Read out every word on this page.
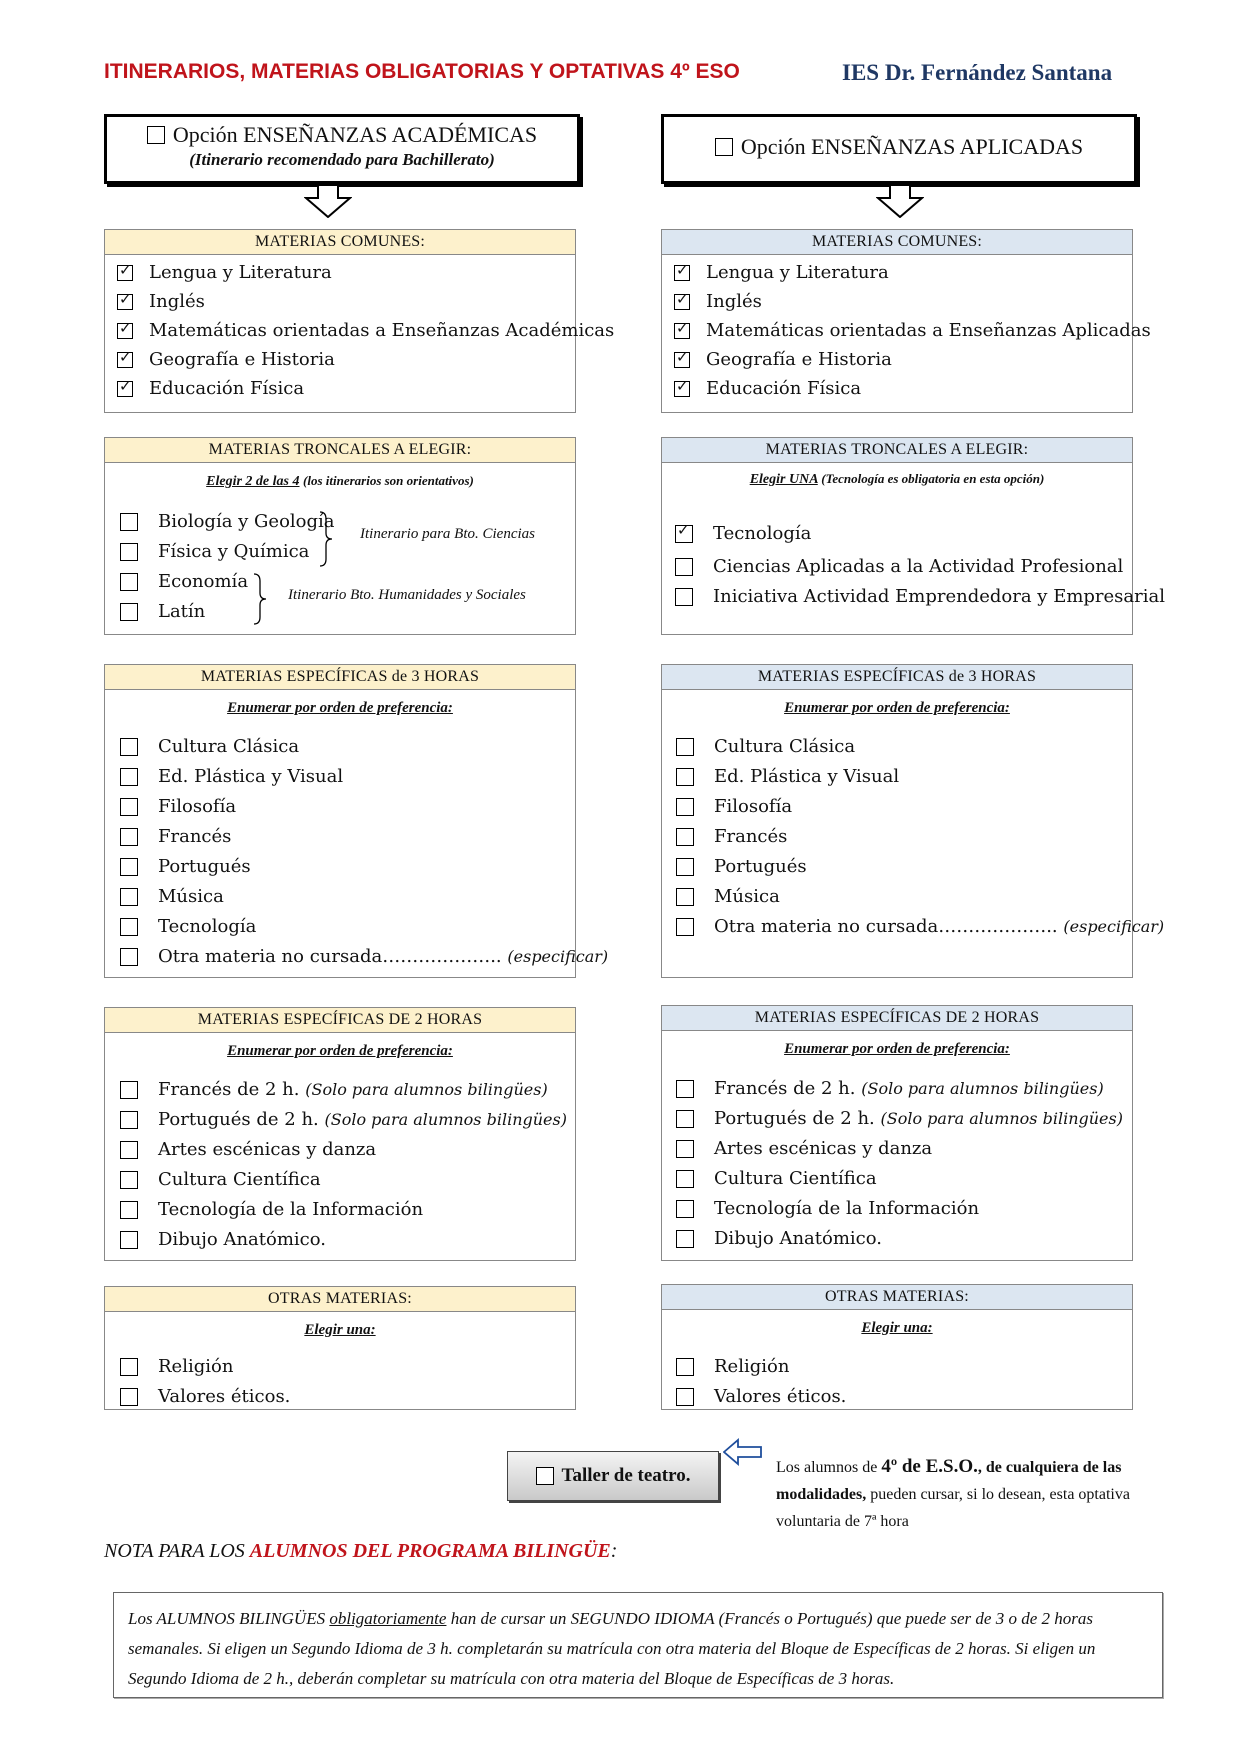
ITINERARIOS, MATERIAS OBLIGATORIAS Y OPTATIVAS 4º ESO	IES Dr. Fernández Santana
Opción ENSEÑANZAS ACADÉMICAS
(Itinerario recomendado para Bachillerato)
Opción ENSEÑANZAS APLICADAS
MATERIAS COMUNES:
✓
Lengua y Literatura
✓
Inglés
✓
Matemáticas orientadas a Enseñanzas Académicas
✓
Geografía e Historia
✓
Educación Física
MATERIAS COMUNES:
✓
Lengua y Literatura
✓
Inglés
✓
Matemáticas orientadas a Enseñanzas Aplicadas
✓
Geografía e Historia
✓
Educación Física
MATERIAS TRONCALES A ELEGIR:
Elegir 2 de las 4 (los itinerarios son orientativos)
Biología y Geología
Física y Química
Economía
Latín
Itinerario para Bto. Ciencias
Itinerario Bto. Humanidades y Sociales
MATERIAS TRONCALES A ELEGIR:
Elegir UNA (Tecnología es obligatoria en esta opción)
✓
Tecnología
Ciencias Aplicadas a la Actividad Profesional
Iniciativa Actividad Emprendedora y Empresarial
MATERIAS ESPECÍFICAS de 3 HORAS
Enumerar por orden de preferencia:
Cultura Clásica
Ed. Plástica y Visual
Filosofía
Francés
Portugués
Música
Tecnología
Otra materia no cursada………………..
(especificar)
MATERIAS ESPECÍFICAS de 3 HORAS
Enumerar por orden de preferencia:
Cultura Clásica
Ed. Plástica y Visual
Filosofía
Francés
Portugués
Música
Otra materia no cursada………………..
(especificar)
MATERIAS ESPECÍFICAS DE 2 HORAS
Enumerar por orden de preferencia:
Francés de 2 h.
(Solo para alumnos bilingües)
Portugués de 2 h.
(Solo para alumnos bilingües)
Artes escénicas y danza
Cultura Científica
Tecnología de la Información
Dibujo Anatómico.
MATERIAS ESPECÍFICAS DE 2 HORAS
Enumerar por orden de preferencia:
Francés de 2 h.
(Solo para alumnos bilingües)
Portugués de 2 h.
(Solo para alumnos bilingües)
Artes escénicas y danza
Cultura Científica
Tecnología de la Información
Dibujo Anatómico.
OTRAS MATERIAS:
Elegir una:
Religión
Valores éticos.
OTRAS MATERIAS:
Elegir una:
Religión
Valores éticos.
Taller de teatro.	Los alumnos de 4º de E.S.O., de cualquiera de las modalidades, pueden cursar, si lo desean, esta optativa voluntaria de 7ª hora
NOTA PARA LOS ALUMNOS DEL PROGRAMA BILINGÜE:
Los ALUMNOS BILINGÜES obligatoriamente han de cursar un SEGUNDO IDIOMA (Francés o Portugués) que puede ser de 3 o de 2 horas semanales. Si eligen un Segundo Idioma de 3 h. completarán su matrícula con otra materia del Bloque de Específicas de 2 horas. Si eligen un Segundo Idioma de 2 h., deberán completar su matrícula con otra materia del Bloque de Específicas de 3 horas.
